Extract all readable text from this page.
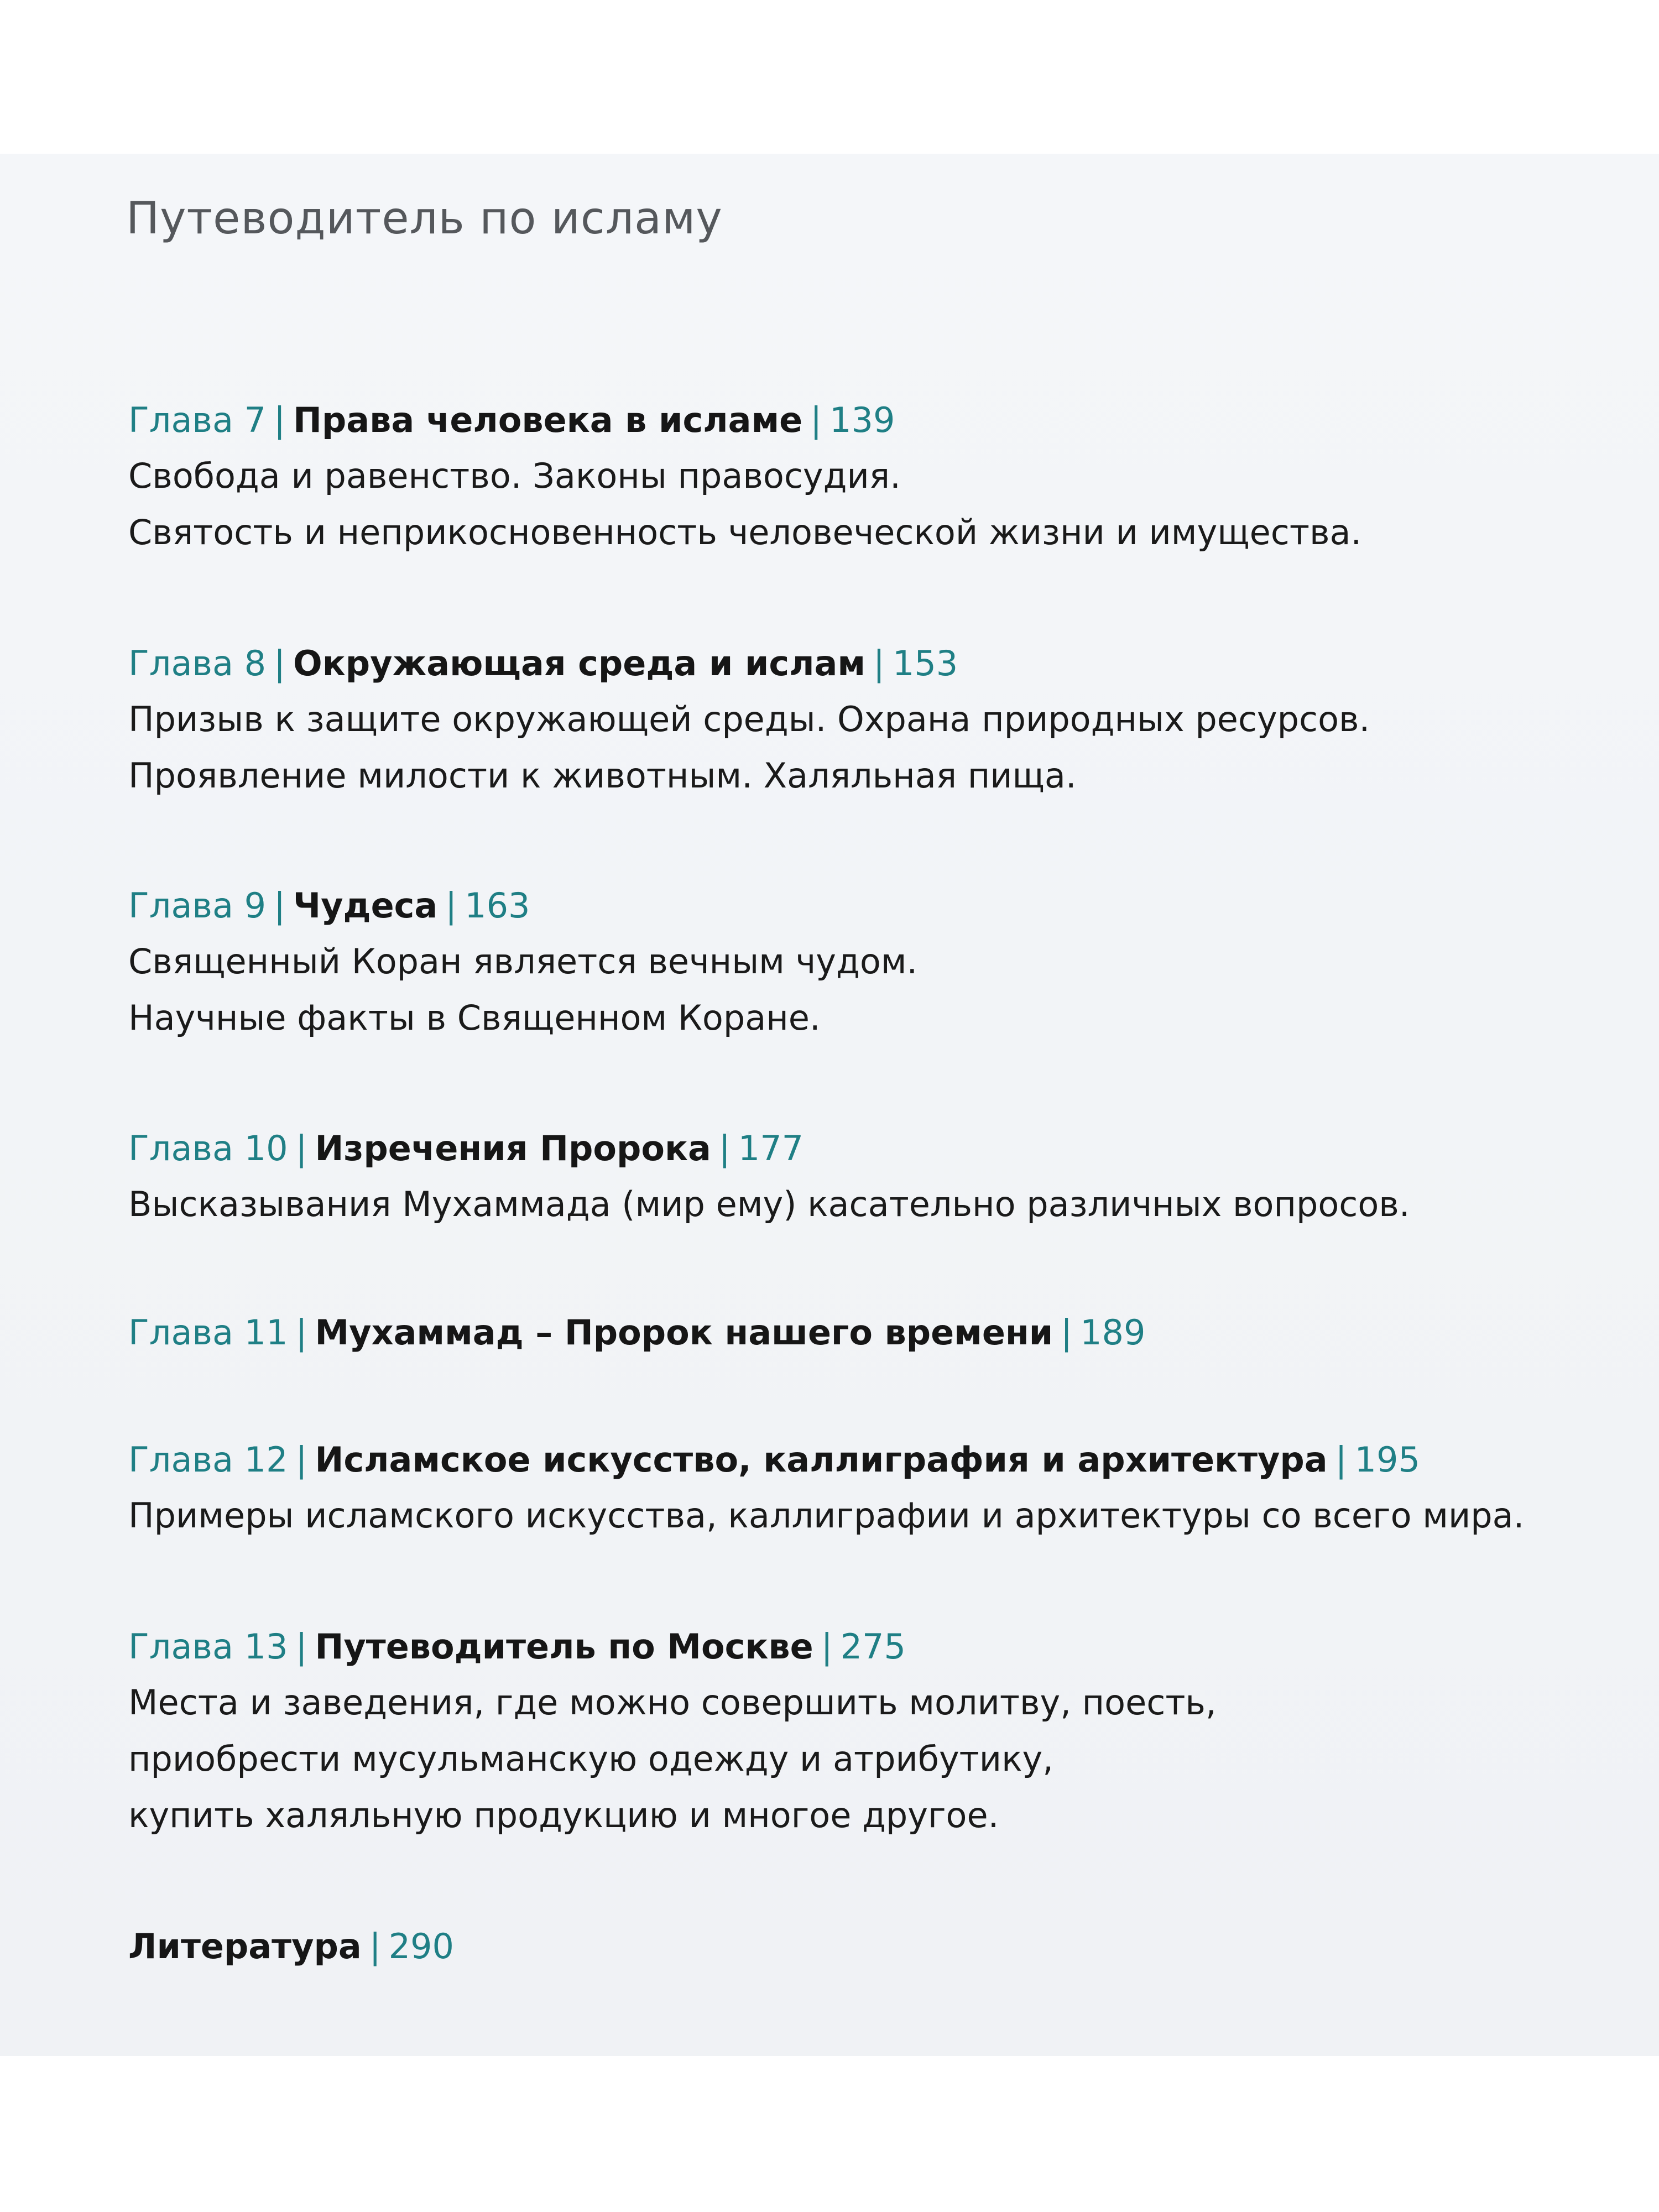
Путеводитель по исламу
Глава 7 | Права человека в исламе | 139
Свобода и равенство. Законы правосудия.
Святость и неприкосновенность человеческой жизни и имущества.
Глава 8 | Окружающая среда и ислам | 153
Призыв к защите окружающей среды. Охрана природных ресурсов.
Проявление милости к животным. Халяльная пища.
Глава 9 | Чудеса | 163
Священный Коран является вечным чудом.
Научные факты в Священном Коране.
Глава 10 | Изречения Пророка | 177
Высказывания Мухаммада (мир ему) касательно различных вопросов.
Глава 11 | Мухаммад – Пророк нашего времени | 189
Глава 12 | Исламское искусство, каллиграфия и архитектура | 195
Примеры исламского искусства, каллиграфии и архитектуры со всего мира.
Глава 13 | Путеводитель по Москве | 275
Места и заведения, где можно совершить молитву, поесть,
приобрести мусульманскую одежду и атрибутику,
купить халяльную продукцию и многое другое.
Литература | 290
